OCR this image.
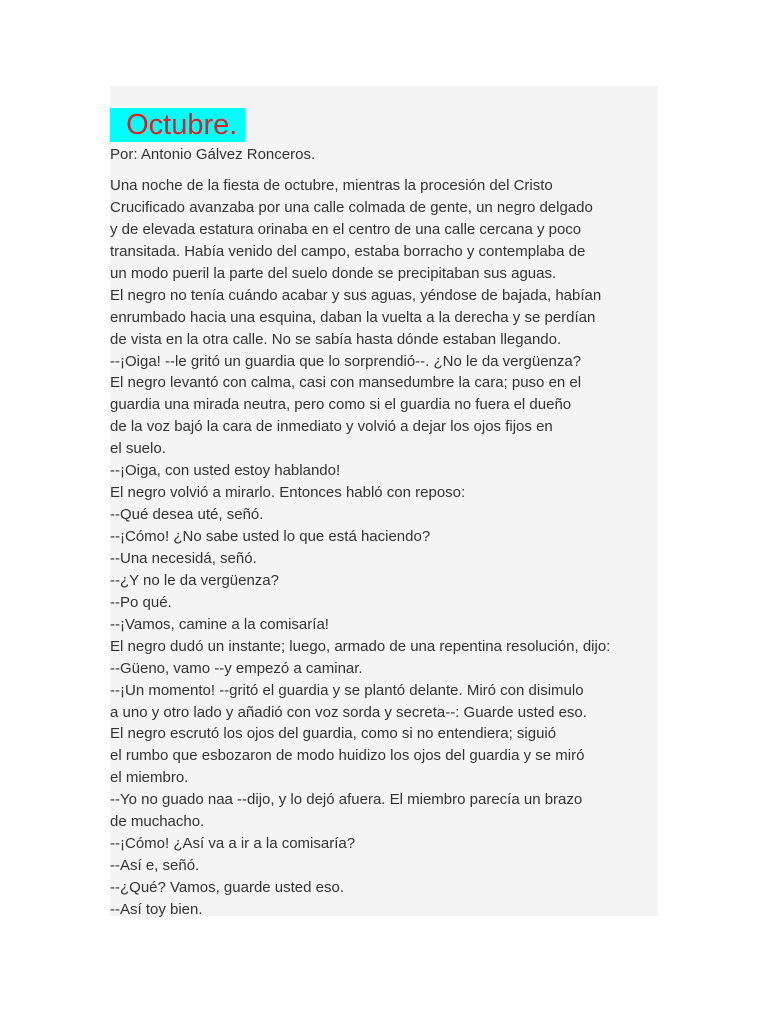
Octubre.
Por: Antonio Gálvez Ronceros.
Una noche de la fiesta de octubre, mientras la procesión del Cristo
Crucificado avanzaba por una calle colmada de gente, un negro delgado
y de elevada estatura orinaba en el centro de una calle cercana y poco
transitada. Había venido del campo, estaba borracho y contemplaba de
un modo pueril la parte del suelo donde se precipitaban sus aguas.
El negro no tenía cuándo acabar y sus aguas, yéndose de bajada, habían
enrumbado hacia una esquina, daban la vuelta a la derecha y se perdían
de vista en la otra calle. No se sabía hasta dónde estaban llegando.
--¡Oiga! --le gritó un guardia que lo sorprendió--. ¿No le da vergüenza?
El negro levantó con calma, casi con mansedumbre la cara; puso en el
guardia una mirada neutra, pero como si el guardia no fuera el dueño
de la voz bajó la cara de inmediato y volvió a dejar los ojos fijos en
el suelo.
--¡Oiga, con usted estoy hablando!
El negro volvió a mirarlo. Entonces habló con reposo:
--Qué desea uté, señó.
--¡Cómo! ¿No sabe usted lo que está haciendo?
--Una necesidá, señó.
--¿Y no le da vergüenza?
--Po qué.
--¡Vamos, camine a la comisaría!
El negro dudó un instante; luego, armado de una repentina resolución, dijo:
--Güeno, vamo --y empezó a caminar.
--¡Un momento! --gritó el guardia y se plantó delante. Miró con disimulo
a uno y otro lado y añadió con voz sorda y secreta--: Guarde usted eso.
El negro escrutó los ojos del guardia, como si no entendiera; siguió
el rumbo que esbozaron de modo huidizo los ojos del guardia y se miró
el miembro.
--Yo no guado naa --dijo, y lo dejó afuera. El miembro parecía un brazo
de muchacho.
--¡Cómo! ¿Así va a ir a la comisaría?
--Así e, señó.
--¿Qué? Vamos, guarde usted eso.
--Así toy bien.
